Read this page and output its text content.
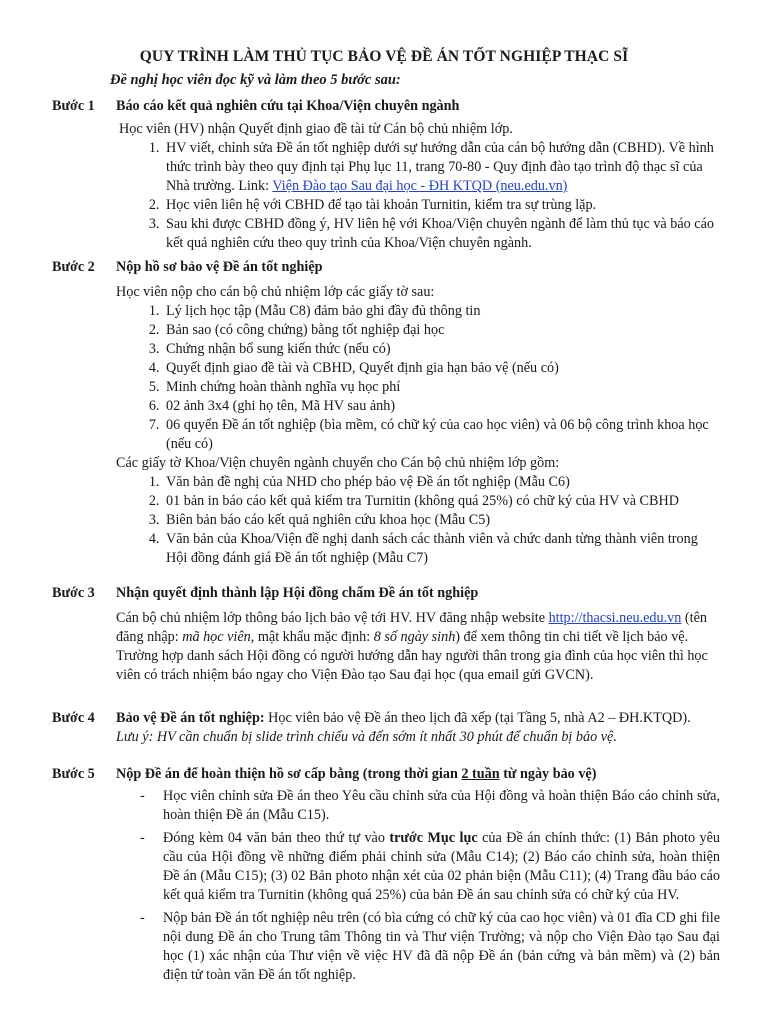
QUY TRÌNH LÀM THỦ TỤC BẢO VỆ ĐỀ ÁN TỐT NGHIỆP THẠC SĨ
Đề nghị học viên đọc kỹ và làm theo 5 bước sau:
Bước 1 Báo cáo kết quả nghiên cứu tại Khoa/Viện chuyên ngành

Học viên (HV) nhận Quyết định giao đề tài từ Cán bộ chủ nhiệm lớp.

1. HV viết, chỉnh sửa Đề án tốt nghiệp dưới sự hướng dẫn của cán bộ hướng dẫn (CBHD). Về hình thức trình bày theo quy định tại Phụ lục 11, trang 70-80 - Quy định đào tạo trình độ thạc sĩ của Nhà trường. Link: Viện Đào tạo Sau đại học - ĐH KTQD (neu.edu.vn)
2. Học viên liên hệ với CBHD để tạo tài khoản Turnitin, kiểm tra sự trùng lặp.
3. Sau khi được CBHD đồng ý, HV liên hệ với Khoa/Viện chuyên ngành để làm thủ tục và báo cáo kết quả nghiên cứu theo quy trình của Khoa/Viện chuyên ngành.
Bước 2 Nộp hồ sơ bảo vệ Đề án tốt nghiệp

Học viên nộp cho cán bộ chủ nhiệm lớp các giấy tờ sau:

1. Lý lịch học tập (Mẫu C8) đảm bảo ghi đầy đủ thông tin
2. Bản sao (có công chứng) bằng tốt nghiệp đại học
3. Chứng nhận bổ sung kiến thức (nếu có)
4. Quyết định giao đề tài và CBHD, Quyết định gia hạn bảo vệ (nếu có)
5. Minh chứng hoàn thành nghĩa vụ học phí
6. 02 ảnh 3x4 (ghi họ tên, Mã HV sau ảnh)
7. 06 quyển Đề án tốt nghiệp (bìa mềm, có chữ ký của cao học viên) và 06 bộ công trình khoa học (nếu có)

Các giấy tờ Khoa/Viện chuyên ngành chuyển cho Cán bộ chủ nhiệm lớp gồm:

1. Văn bản đề nghị của NHD cho phép bảo vệ Đề án tốt nghiệp (Mẫu C6)
2. 01 bản in báo cáo kết quả kiểm tra Turnitin (không quá 25%) có chữ ký của HV và CBHD
3. Biên bản báo cáo kết quả nghiên cứu khoa học (Mẫu C5)
4. Văn bản của Khoa/Viện đề nghị danh sách các thành viên và chức danh từng thành viên trong Hội đồng đánh giá Đề án tốt nghiệp (Mẫu C7)
Bước 3 Nhận quyết định thành lập Hội đồng chấm Đề án tốt nghiệp

Cán bộ chủ nhiệm lớp thông báo lịch bảo vệ tới HV. HV đăng nhập website http://thacsi.neu.edu.vn (tên đăng nhập: mã học viên, mật khẩu mặc định: 8 số ngày sinh) để xem thông tin chi tiết về lịch bảo vệ. Trường hợp danh sách Hội đồng có người hướng dẫn hay người thân trong gia đình của học viên thì học viên có trách nhiệm báo ngay cho Viện Đào tạo Sau đại học (qua email gửi GVCN).

Bước 4 Bảo vệ Đề án tốt nghiệp: Học viên bảo vệ Đề án theo lịch đã xếp (tại Tầng 5, nhà A2 – ĐH.KTQD).

Lưu ý: HV cần chuẩn bị slide trình chiếu và đến sớm ít nhất 30 phút để chuẩn bị bảo vệ.

Bước 5 Nộp Đề án để hoàn thiện hồ sơ cấp bằng (trong thời gian 2 tuần từ ngày bảo vệ)
- Học viên chỉnh sửa Đề án theo Yêu cầu chỉnh sửa của Hội đồng và hoàn thiện Báo cáo chỉnh sửa, hoàn thiện Đề án (Mẫu C15).
- Đóng kèm 04 văn bản theo thứ tự vào trước Mục lục của Đề án chính thức: (1) Bản photo yêu cầu của Hội đồng về những điểm phải chỉnh sửa (Mẫu C14); (2) Báo cáo chỉnh sửa, hoàn thiện Đề án (Mẫu C15); (3) 02 Bản photo nhận xét của 02 phản biện (Mẫu C11); (4) Trang đầu báo cáo kết quả kiểm tra Turnitin (không quá 25%) của bản Đề án sau chỉnh sửa có chữ ký của HV.
- Nộp bản Đề án tốt nghiệp nêu trên (có bìa cứng có chữ ký của cao học viên) và 01 đĩa CD ghi file nội dung Đề án cho Trung tâm Thông tin và Thư viện Trường; và nộp cho Viện Đào tạo Sau đại học (1) xác nhận của Thư viện về việc HV đã đã nộp Đề án (bản cứng và bản mềm) và (2) bản điện tử toàn văn Đề án tốt nghiệp.
